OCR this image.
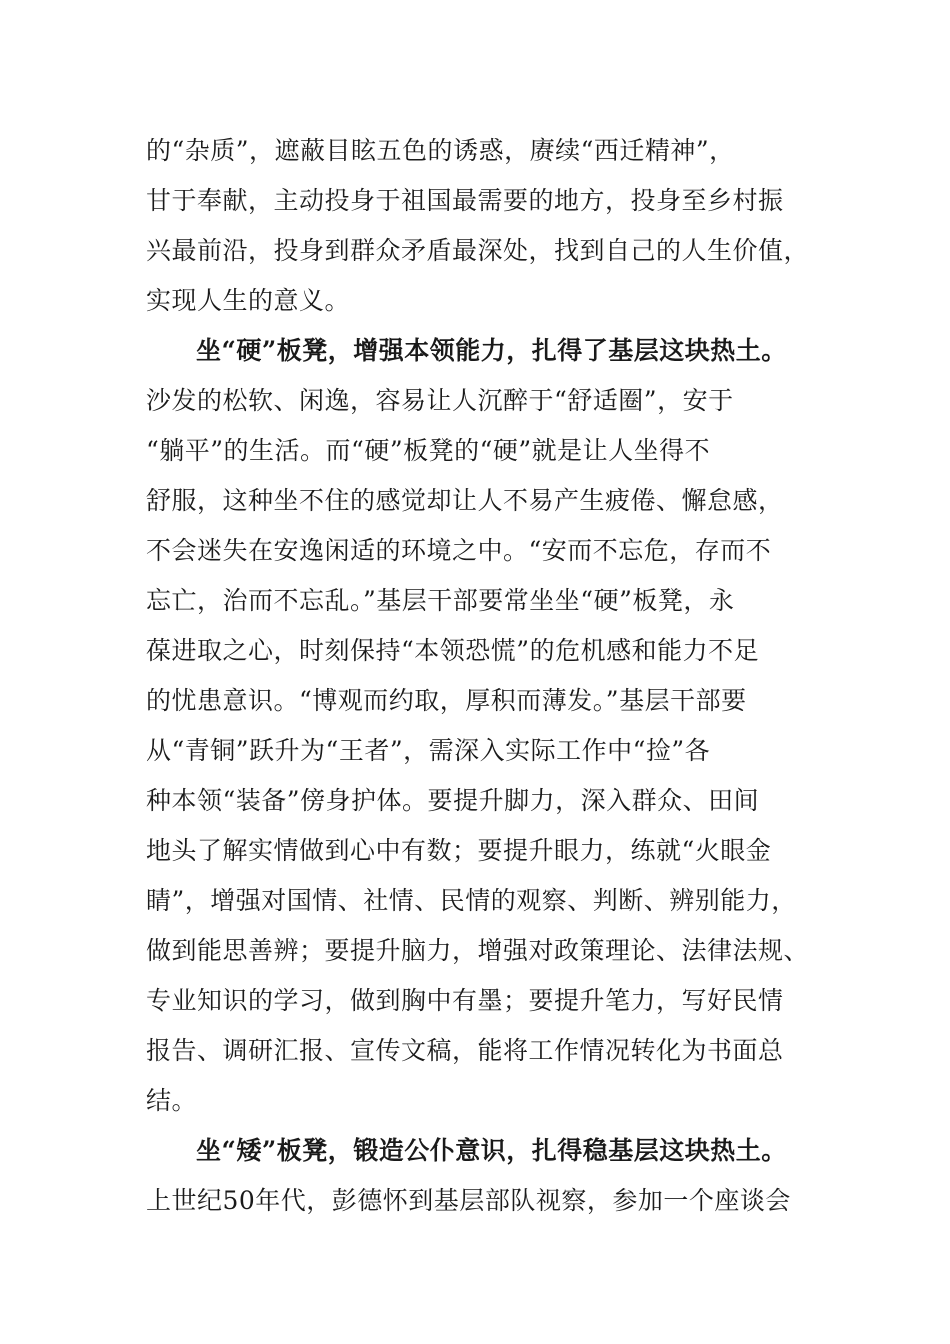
的“杂质”，遮蔽目眩五色的诱惑，赓续“西迁精神”，
甘于奉献，主动投身于祖国最需要的地方，投身至乡村振
兴最前沿，投身到群众矛盾最深处，找到自己的人生价值，
实现人生的意义。
坐“硬”板凳，增强本领能力，扎得了基层这块热土。
沙发的松软、闲逸，容易让人沉醉于“舒适圈”，安于
“躺平”的生活。而“硬”板凳的“硬”就是让人坐得不
舒服，这种坐不住的感觉却让人不易产生疲倦、懈怠感，
不会迷失在安逸闲适的环境之中。“安而不忘危，存而不
忘亡，治而不忘乱。”基层干部要常坐坐“硬”板凳，永
葆进取之心，时刻保持“本领恐慌”的危机感和能力不足
的忧患意识。“博观而约取，厚积而薄发。”基层干部要
从“青铜”跃升为“王者”，需深入实际工作中“捡”各
种本领“装备”傍身护体。要提升脚力，深入群众、田间
地头了解实情做到心中有数；要提升眼力，练就“火眼金
睛”，增强对国情、社情、民情的观察、判断、辨别能力，
做到能思善辨；要提升脑力，增强对政策理论、法律法规、
专业知识的学习，做到胸中有墨；要提升笔力，写好民情
报告、调研汇报、宣传文稿，能将工作情况转化为书面总
结。
坐“矮”板凳，锻造公仆意识，扎得稳基层这块热土。
上世纪50年代，彭德怀到基层部队视察，参加一个座谈会
